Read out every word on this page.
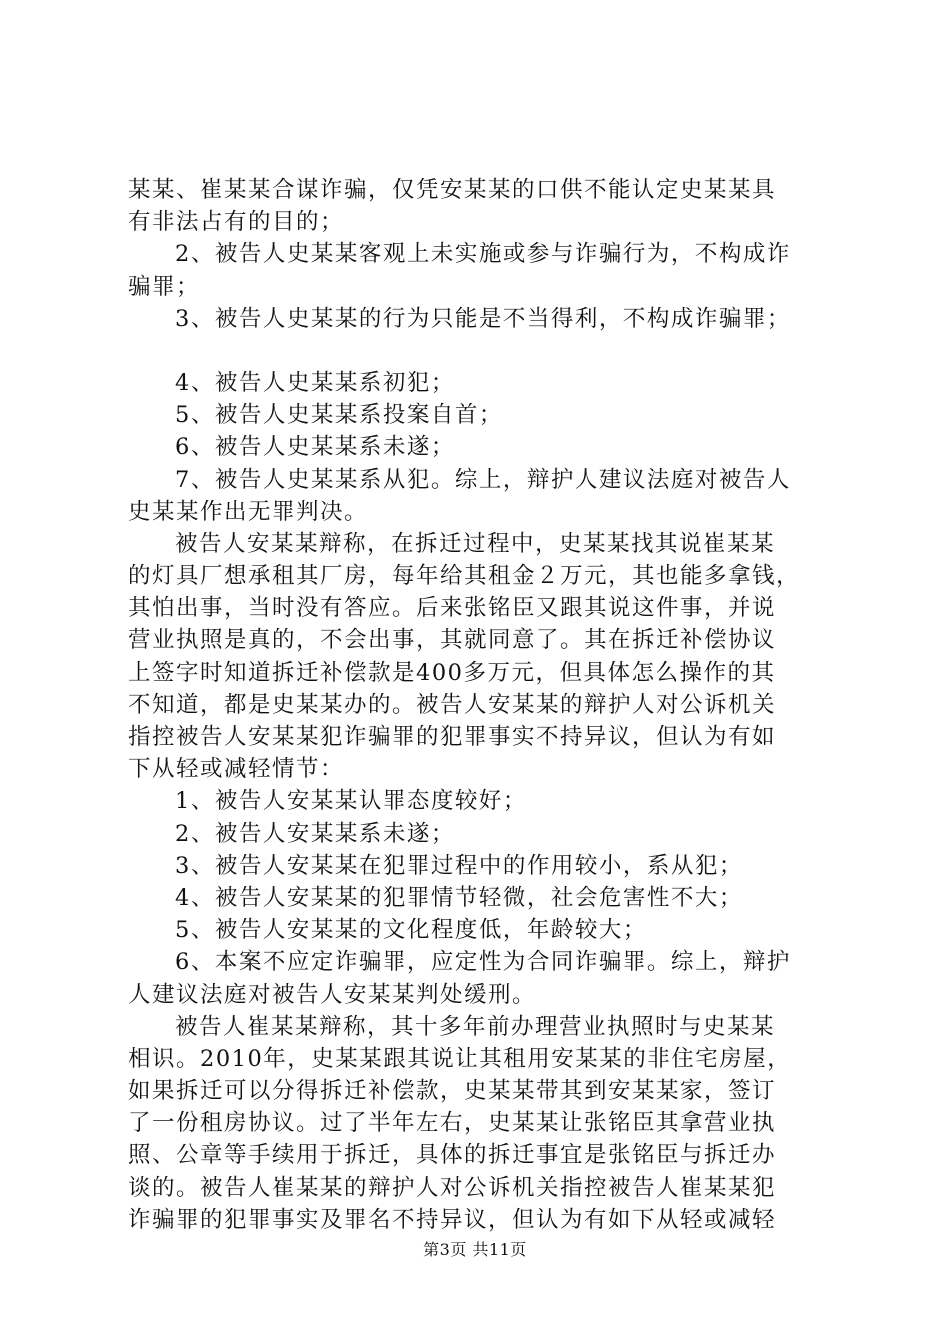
某某、崔某某合谋诈骗，仅凭安某某的口供不能认定史某某具
有非法占有的目的；
2、被告人史某某客观上未实施或参与诈骗行为，不构成诈
骗罪；
3、被告人史某某的行为只能是不当得利，不构成诈骗罪；
4、被告人史某某系初犯；
5、被告人史某某系投案自首；
6、被告人史某某系未遂；
7、被告人史某某系从犯。综上，辩护人建议法庭对被告人
史某某作出无罪判决。
被告人安某某辩称，在拆迁过程中，史某某找其说崔某某
的灯具厂想承租其厂房，每年给其租金２万元，其也能多拿钱，
其怕出事，当时没有答应。后来张铭臣又跟其说这件事，并说
营业执照是真的，不会出事，其就同意了。其在拆迁补偿协议
上签字时知道拆迁补偿款是400多万元，但具体怎么操作的其
不知道，都是史某某办的。被告人安某某的辩护人对公诉机关
指控被告人安某某犯诈骗罪的犯罪事实不持异议，但认为有如
下从轻或减轻情节：
1、被告人安某某认罪态度较好；
2、被告人安某某系未遂；
3、被告人安某某在犯罪过程中的作用较小，系从犯；
4、被告人安某某的犯罪情节轻微，社会危害性不大；
5、被告人安某某的文化程度低，年龄较大；
6、本案不应定诈骗罪，应定性为合同诈骗罪。综上，辩护
人建议法庭对被告人安某某判处缓刑。
被告人崔某某辩称，其十多年前办理营业执照时与史某某
相识。2010年，史某某跟其说让其租用安某某的非住宅房屋，
如果拆迁可以分得拆迁补偿款，史某某带其到安某某家，签订
了一份租房协议。过了半年左右，史某某让张铭臣其拿营业执
照、公章等手续用于拆迁，具体的拆迁事宜是张铭臣与拆迁办
谈的。被告人崔某某的辩护人对公诉机关指控被告人崔某某犯
诈骗罪的犯罪事实及罪名不持异议，但认为有如下从轻或减轻
第3页 共11页
